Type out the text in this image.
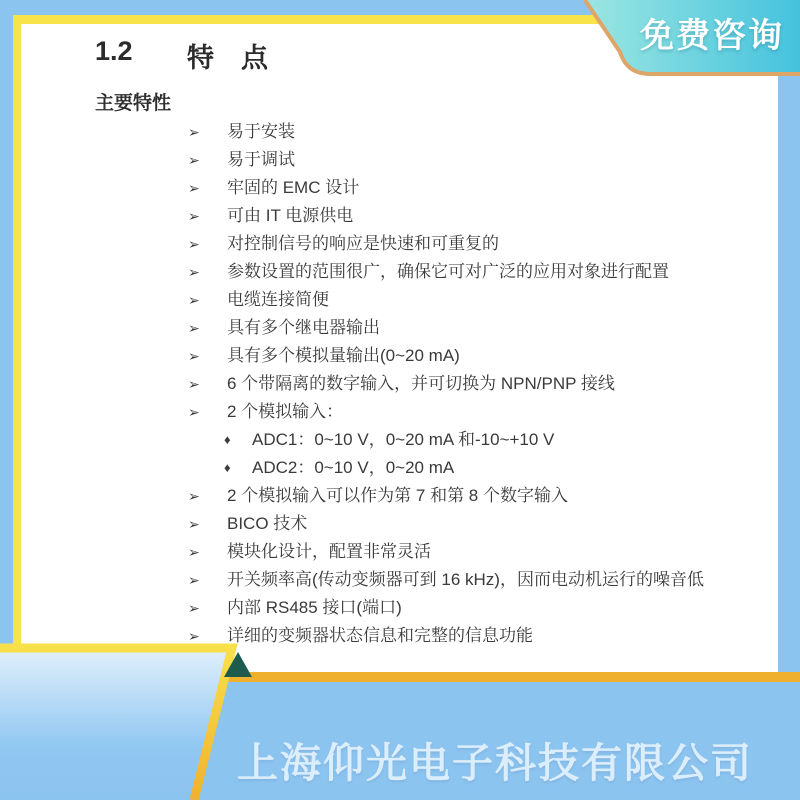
1.2 特　点
主要特性
➢ 易于安装
➢ 易于调试
➢ 牢固的 EMC 设计
➢ 可由 IT 电源供电
➢ 对控制信号的响应是快速和可重复的
➢ 参数设置的范围很广，确保它可对广泛的应用对象进行配置
➢ 电缆连接简便
➢ 具有多个继电器输出
➢ 具有多个模拟量输出(0~20 mA)
➢ 6 个带隔离的数字输入，并可切换为 NPN/PNP 接线
➢ 2 个模拟输入：
♦ ADC1：0~10 V，0~20 mA 和-10~+10 V
♦ ADC2：0~10 V，0~20 mA
➢ 2 个模拟输入可以作为第 7 和第 8 个数字输入
➢ BICO 技术
➢ 模块化设计，配置非常灵活
➢ 开关频率高(传动变频器可到 16 kHz)，因而电动机运行的噪音低
➢ 内部 RS485 接口(端口)
➢ 详细的变频器状态信息和完整的信息功能
上海仰光电子科技有限公司
免费咨询
